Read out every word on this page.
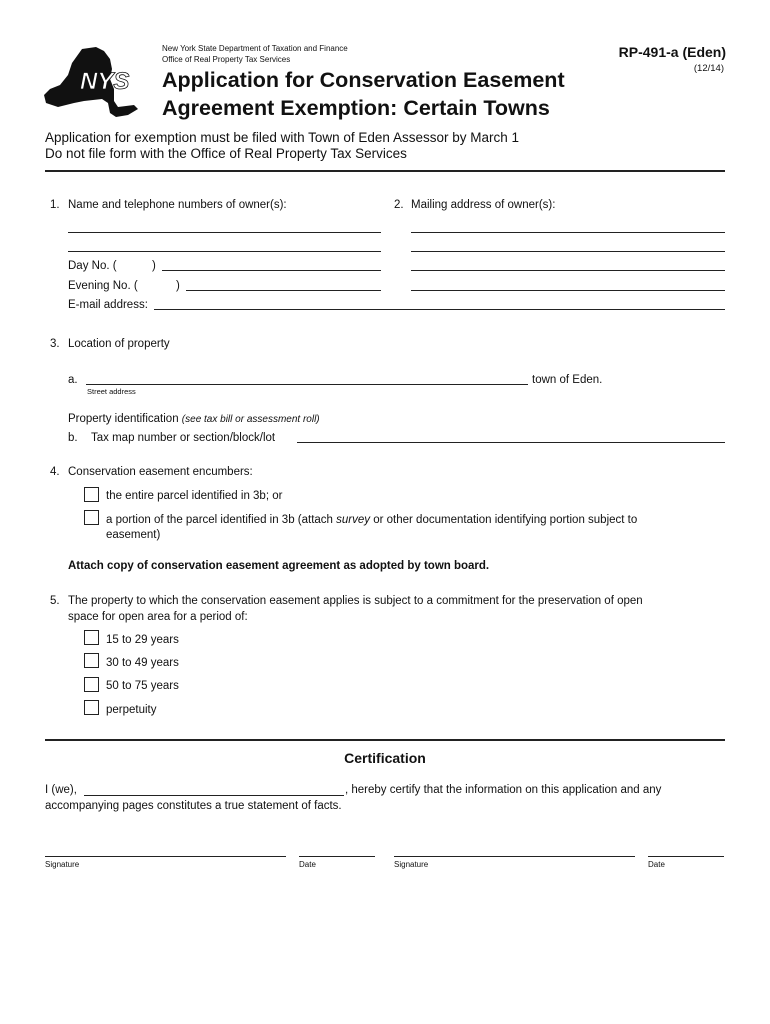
NYS
New York State Department of Taxation and Finance
Office of Real Property Tax Services
Application for Conservation Easement
Agreement Exemption: Certain Towns
RP-491-a (Eden)
(12/14)
Application for exemption must be filed with Town of Eden Assessor by March 1
Do not file form with the Office of Real Property Tax Services
1. Name and telephone numbers of owner(s):
Day No. (	)
Evening No. (	)
E-mail address:
2. Mailing address of owner(s):
3. Location of property
a.
Street address
town of Eden.
Property identification (see tax bill or assessment roll)
b. Tax map number or section/block/lot
4. Conservation easement encumbers:
the entire parcel identified in 3b; or
a portion of the parcel identified in 3b (attach survey or other documentation identifying portion subject to
easement)
Attach copy of conservation easement agreement as adopted by town board.
5. The property to which the conservation easement applies is subject to a commitment for the preservation of open
space for open area for a period of:
15 to 29 years
30 to 49 years
50 to 75 years
perpetuity
Certification
I (we),	, hereby certify that the information on this application and any
accompanying pages constitutes a true statement of facts.
Signature	Date	Signature	Date
